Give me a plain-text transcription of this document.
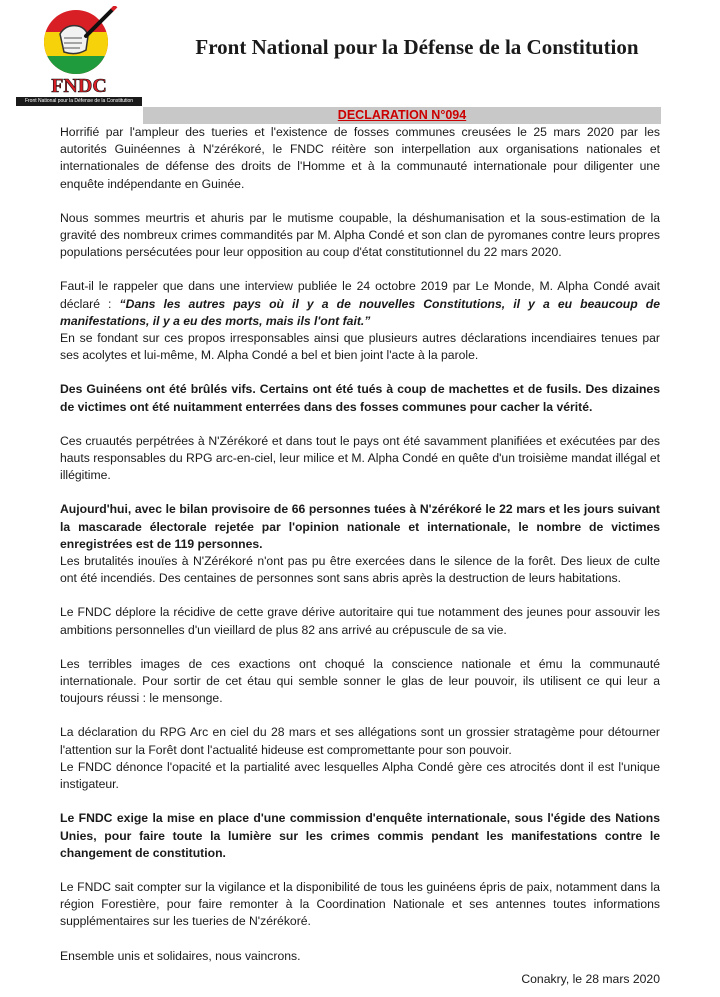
FNDC
Front National pour la Défense de la Constitution
Front National pour la Défense de la Constitution
DECLARATION N°094

Horrifié par l'ampleur des tueries et l'existence de fosses communes creusées le 25 mars 2020 par les autorités Guinéennes à N'zérékoré, le FNDC réitère son interpellation aux organisations nationales et internationales de défense des droits de l'Homme et à la communauté internationale pour diligenter une enquête indépendante en Guinée.

Nous sommes meurtris et ahuris par le mutisme coupable, la déshumanisation et la sous-estimation de la gravité des nombreux crimes commandités par M. Alpha Condé et son clan de pyromanes contre leurs propres populations persécutées pour leur opposition au coup d'état constitutionnel du 22 mars 2020.

Faut-il le rappeler que dans une interview publiée le 24 octobre 2019 par Le Monde, M. Alpha Condé avait déclaré : “Dans les autres pays où il y a de nouvelles Constitutions, il y a eu beaucoup de manifestations, il y a eu des morts, mais ils l'ont fait.”

En se fondant sur ces propos irresponsables ainsi que plusieurs autres déclarations incendiaires tenues par ses acolytes et lui-même, M. Alpha Condé a bel et bien joint l'acte à la parole.

Des Guinéens ont été brûlés vifs. Certains ont été tués à coup de machettes et de fusils. Des dizaines de victimes ont été nuitamment enterrées dans des fosses communes pour cacher la vérité.

Ces cruautés perpétrées à N'Zérékoré et dans tout le pays ont été savamment planifiées et exécutées par des hauts responsables du RPG arc-en-ciel, leur milice et M. Alpha Condé en quête d'un troisième mandat illégal et illégitime.

Aujourd'hui, avec le bilan provisoire de 66 personnes tuées à N'zérékoré le 22 mars et les jours suivant la mascarade électorale rejetée par l'opinion nationale et internationale, le nombre de victimes enregistrées est de 119 personnes.

Les brutalités inouïes à N'Zérékoré n'ont pas pu être exercées dans le silence de la forêt. Des lieux de culte ont été incendiés. Des centaines de personnes sont sans abris après la destruction de leurs habitations.

Le FNDC déplore la récidive de cette grave dérive autoritaire qui tue notamment des jeunes pour assouvir les ambitions personnelles d'un vieillard de plus 82 ans arrivé au crépuscule de sa vie.

Les terribles images de ces exactions ont choqué la conscience nationale et ému la communauté internationale. Pour sortir de cet étau qui semble sonner le glas de leur pouvoir, ils utilisent ce qui leur a toujours réussi : le mensonge.

La déclaration du RPG Arc en ciel du 28 mars et ses allégations sont un grossier stratagème pour détourner l'attention sur la Forêt dont l'actualité hideuse est compromettante pour son pouvoir.

Le FNDC dénonce l'opacité et la partialité avec lesquelles Alpha Condé gère ces atrocités dont il est l'unique instigateur.

Le FNDC exige la mise en place d'une commission d'enquête internationale, sous l'égide des Nations Unies, pour faire toute la lumière sur les crimes commis pendant les manifestations contre le changement de constitution.

Le FNDC sait compter sur la vigilance et la disponibilité de tous les guinéens épris de paix, notamment dans la région Forestière, pour faire remonter à la Coordination Nationale et ses antennes toutes informations supplémentaires sur les tueries de N'zérékoré.

Ensemble unis et solidaires, nous vaincrons.

Conakry, le 28 mars 2020
